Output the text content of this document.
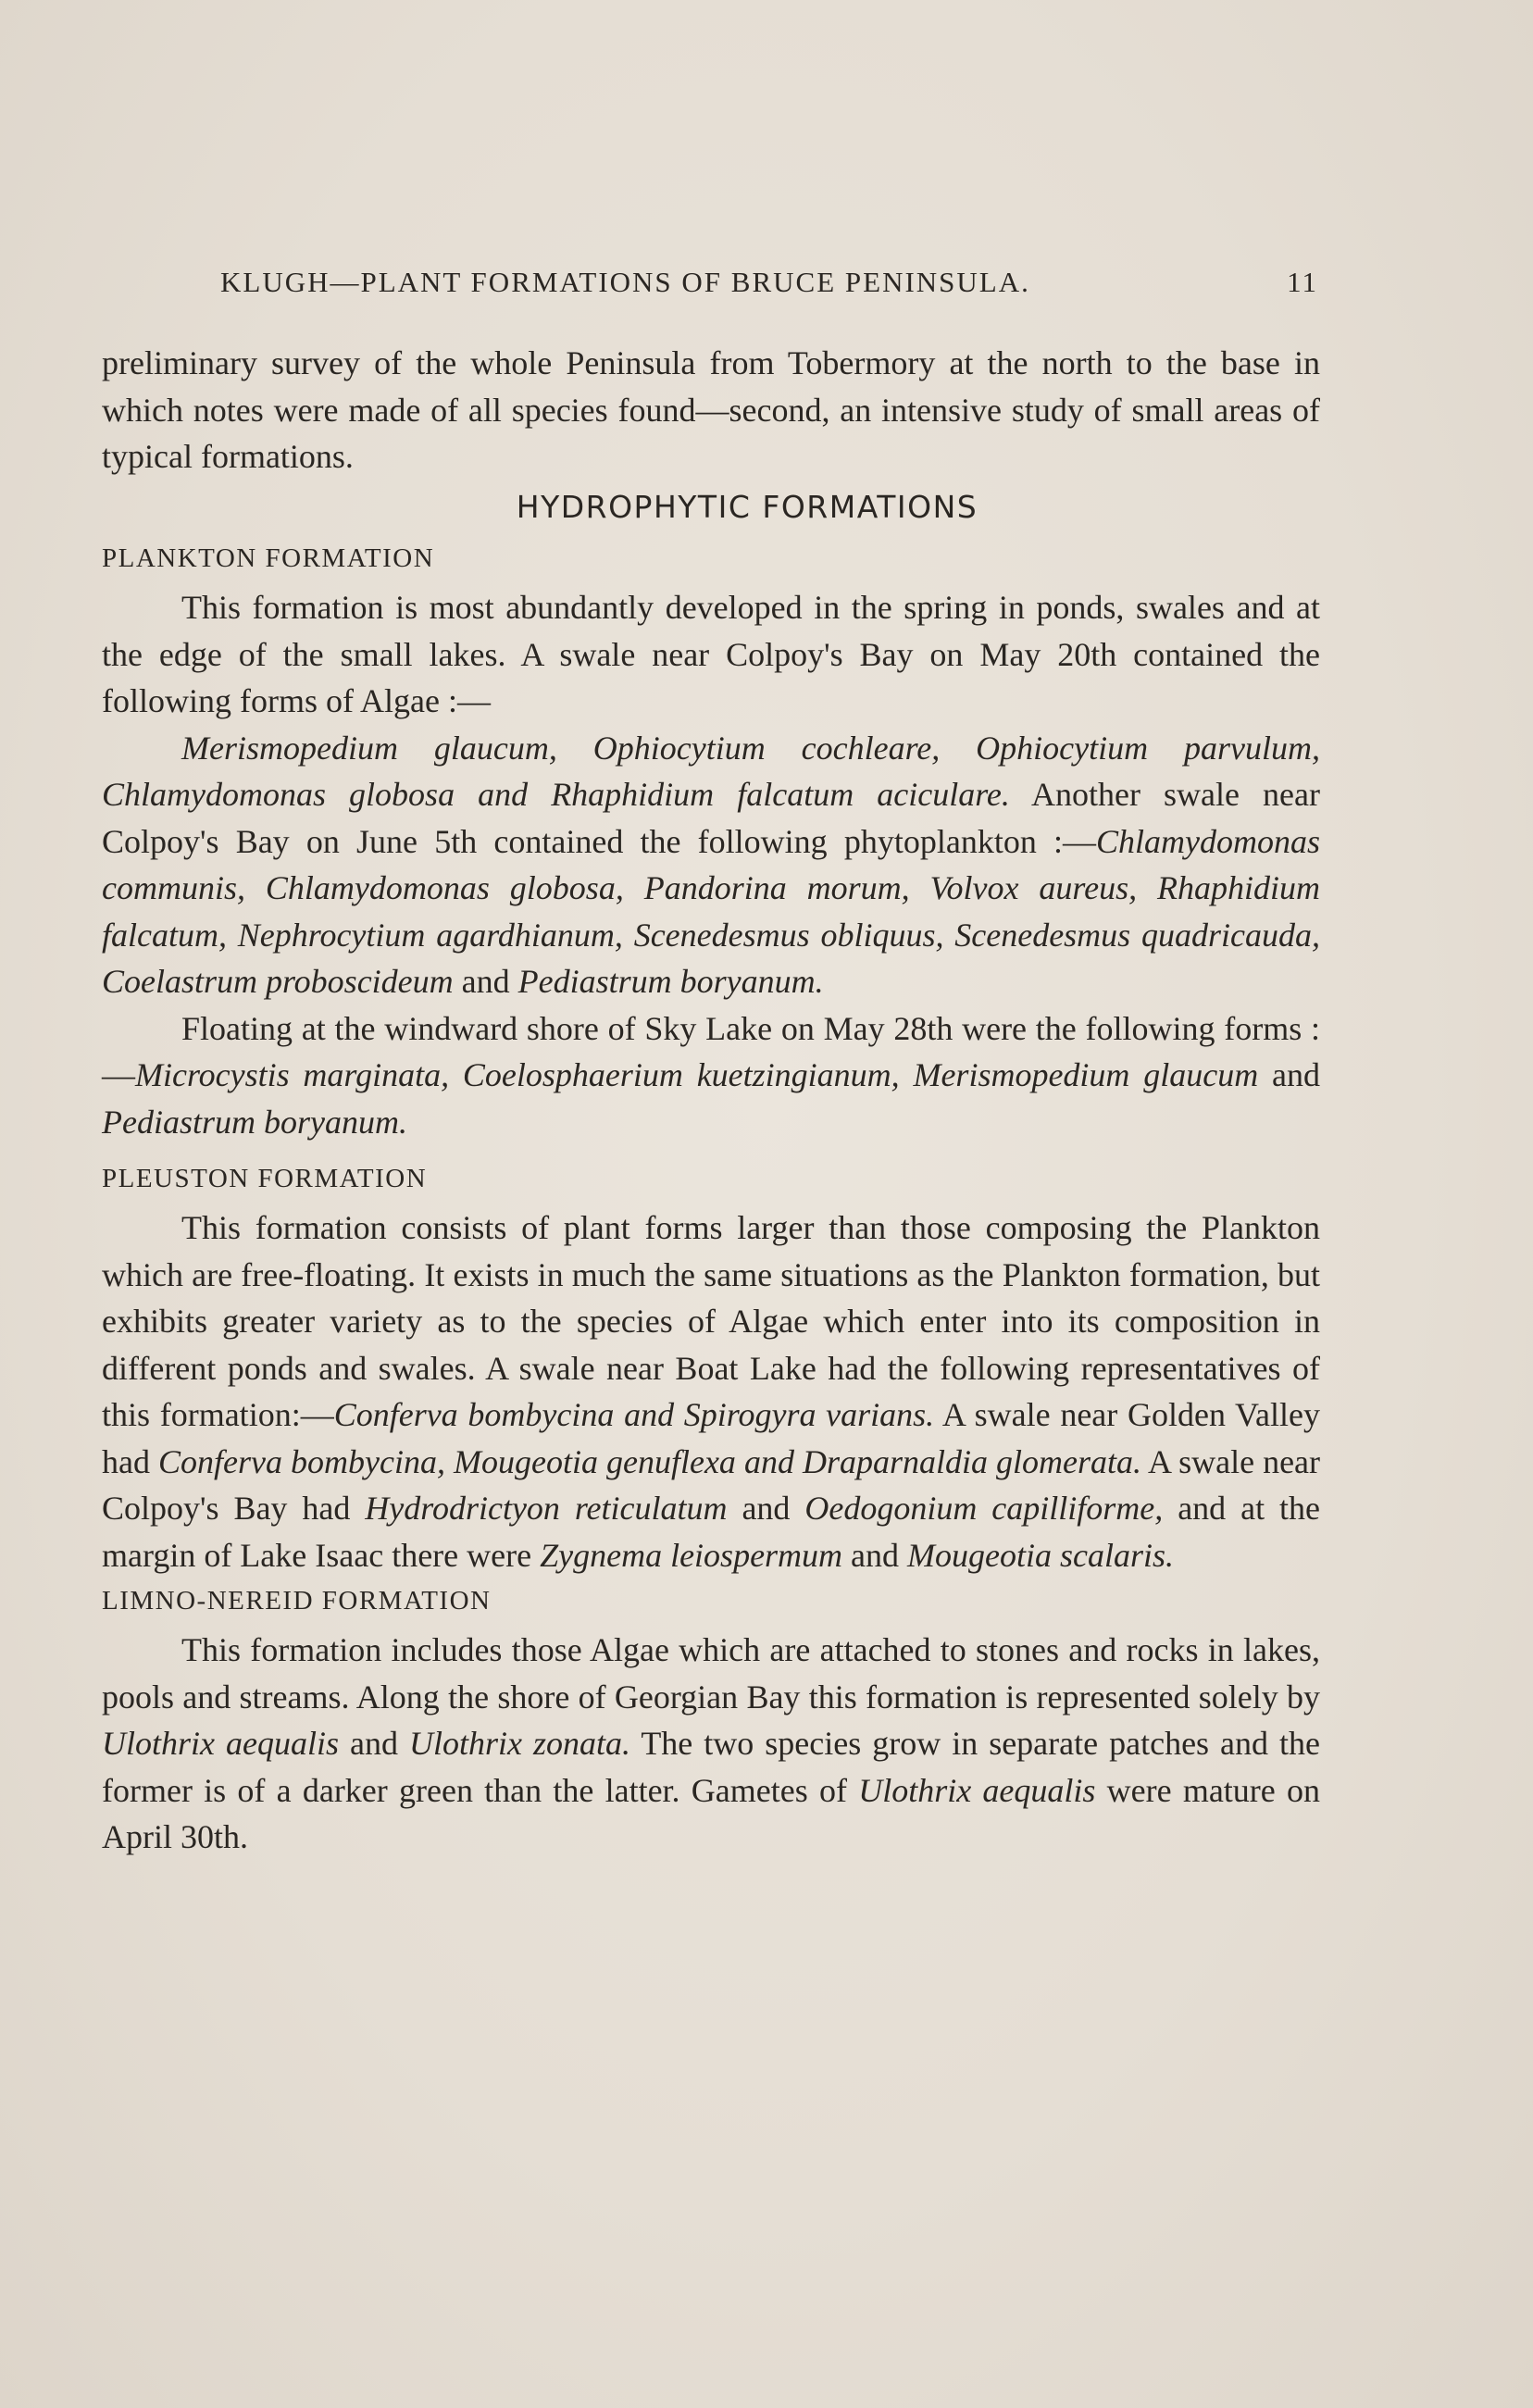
KLUGH—PLANT FORMATIONS OF BRUCE PENINSULA.	11

preliminary survey of the whole Peninsula from Tobermory at the north to the base in which notes were made of all species found—second, an intensive study of small areas of typical formations.

HYDROPHYTIC FORMATIONS

PLANKTON FORMATION

This formation is most abundantly developed in the spring in ponds, swales and at the edge of the small lakes. A swale near Colpoy's Bay on May 20th contained the following forms of Algae :—

Merismopedium glaucum, Ophiocytium cochleare, Ophiocytium parvulum, Chlamydomonas globosa and Rhaphidium falcatum aciculare. Another swale near Colpoy's Bay on June 5th contained the following phytoplankton :—Chlamydomonas communis, Chlamydomonas globosa, Pandorina morum, Volvox aureus, Rhaphidium falcatum, Nephrocytium agardhianum, Scenedesmus obliquus, Scenedesmus quadricauda, Coelastrum proboscideum and Pediastrum boryanum.

Floating at the windward shore of Sky Lake on May 28th were the following forms :—Microcystis marginata, Coelosphaerium kuetzingianum, Merismopedium glaucum and Pediastrum boryanum.

PLEUSTON FORMATION

This formation consists of plant forms larger than those composing the Plankton which are free-floating. It exists in much the same situations as the Plankton formation, but exhibits greater variety as to the species of Algae which enter into its composition in different ponds and swales. A swale near Boat Lake had the following representatives of this formation:—Conferva bombycina and Spirogyra varians. A swale near Golden Valley had Conferva bombycina, Mougeotia genuflexa and Draparnaldia glomerata. A swale near Colpoy's Bay had Hydrodrictyon reticulatum and Oedogonium capilliforme, and at the margin of Lake Isaac there were Zygnema leiospermum and Mougeotia scalaris.

LIMNO-NEREID FORMATION

This formation includes those Algae which are attached to stones and rocks in lakes, pools and streams. Along the shore of Georgian Bay this formation is represented solely by Ulothrix aequalis and Ulothrix zonata. The two species grow in separate patches and the former is of a darker green than the latter. Gametes of Ulothrix aequalis were mature on April 30th.
